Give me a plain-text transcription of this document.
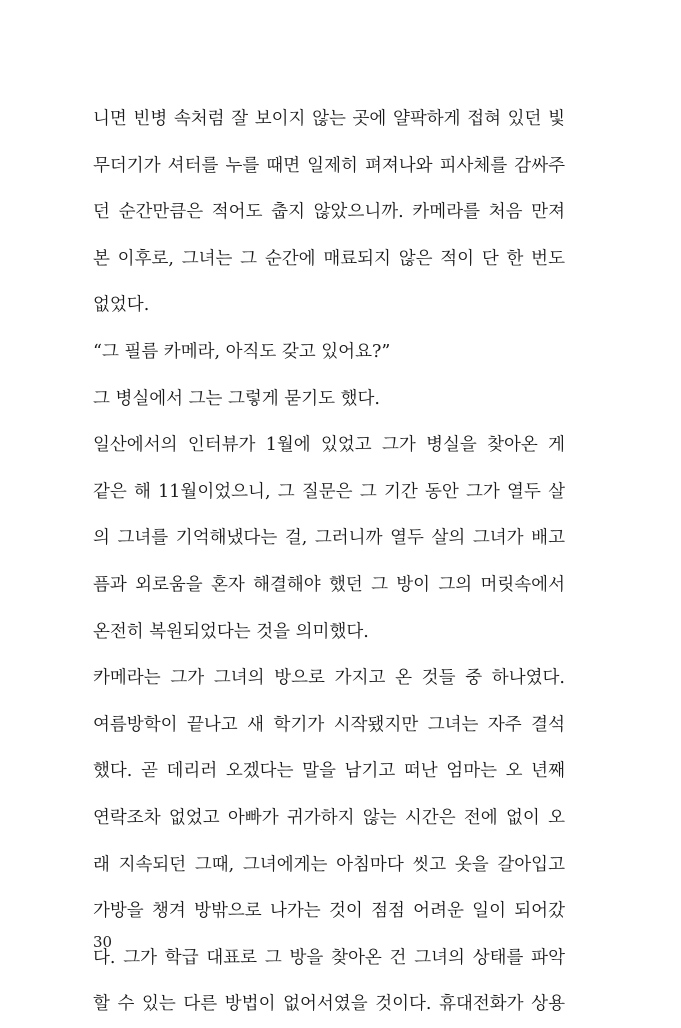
니면 빈병 속처럼 잘 보이지 않는 곳에 얄팍하게 접혀 있던 빛
무더기가 셔터를 누를 때면 일제히 펴져나와 피사체를 감싸주
던 순간만큼은 적어도 춥지 않았으니까. 카메라를 처음 만져
본 이후로, 그녀는 그 순간에 매료되지 않은 적이 단 한 번도
없었다.
“그 필름 카메라, 아직도 갖고 있어요?”
그 병실에서 그는 그렇게 묻기도 했다.
일산에서의 인터뷰가 1월에 있었고 그가 병실을 찾아온 게
같은 해 11월이었으니, 그 질문은 그 기간 동안 그가 열두 살
의 그녀를 기억해냈다는 걸, 그러니까 열두 살의 그녀가 배고
픔과 외로움을 혼자 해결해야 했던 그 방이 그의 머릿속에서
온전히 복원되었다는 것을 의미했다.
카메라는 그가 그녀의 방으로 가지고 온 것들 중 하나였다.
여름방학이 끝나고 새 학기가 시작됐지만 그녀는 자주 결석
했다. 곧 데리러 오겠다는 말을 남기고 떠난 엄마는 오 년째
연락조차 없었고 아빠가 귀가하지 않는 시간은 전에 없이 오
래 지속되던 그때, 그녀에게는 아침마다 씻고 옷을 갈아입고
가방을 챙겨 방밖으로 나가는 것이 점점 어려운 일이 되어갔
다. 그가 학급 대표로 그 방을 찾아온 건 그녀의 상태를 파악
할 수 있는 다른 방법이 없어서였을 것이다. 휴대전화가 상용
30
